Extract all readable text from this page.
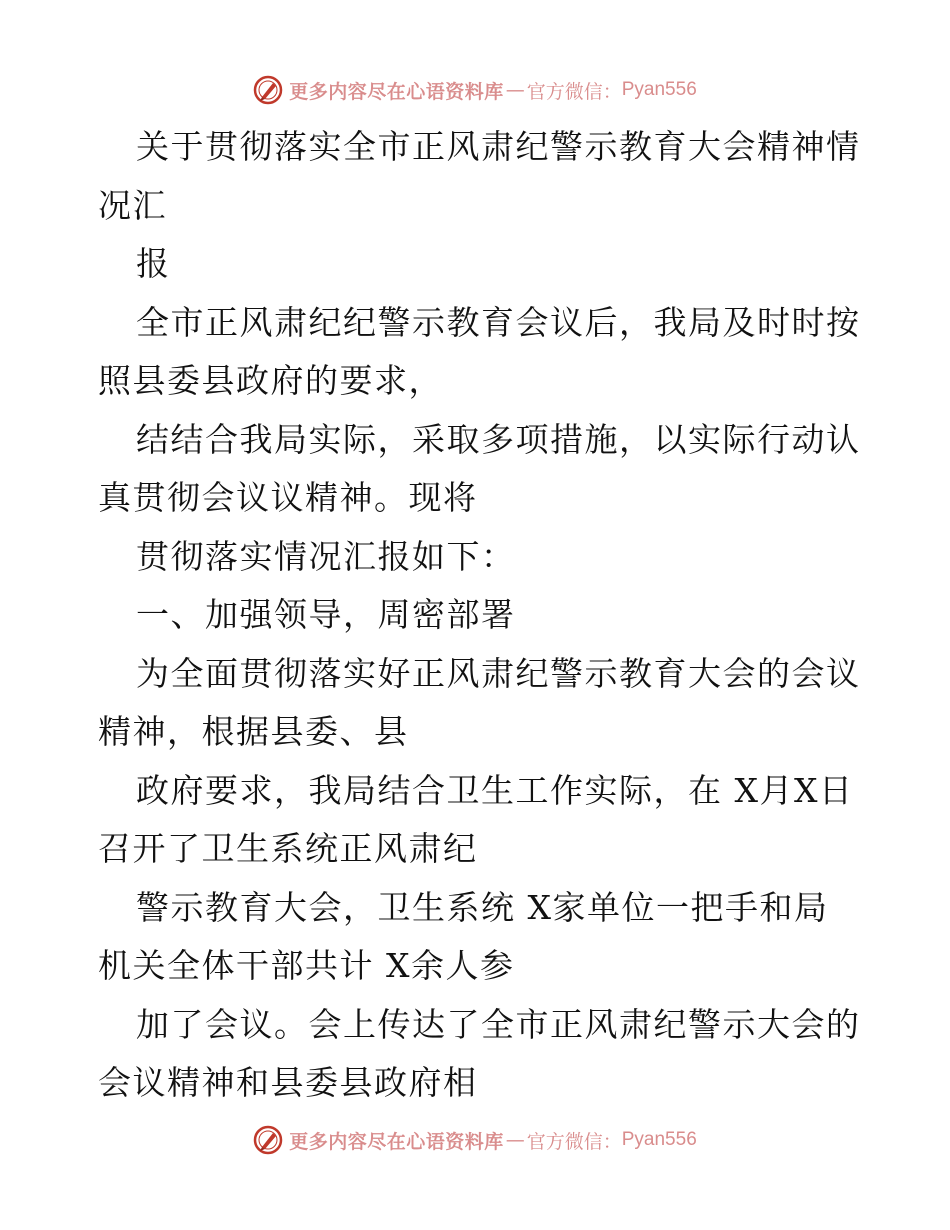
更多内容尽在心语资料库 — 官方微信： Pyan556
关于贯彻落实全市正风肃纪警示教育大会精神情
况汇
报
全市正风肃纪纪警示教育会议后，我局及时时按
照县委县政府的要求，
结结合我局实际，采取多项措施，以实际行动认
真贯彻会议议精神。现将
贯彻落实情况汇报如下：
一、加强领导，周密部署
为全面贯彻落实好正风肃纪警示教育大会的会议
精神，根据县委、县
政府要求，我局结合卫生工作实际，在 X月X日
召开了卫生系统正风肃纪
警示教育大会，卫生系统 X家单位一把手和局
机关全体干部共计 X余人参
加了会议。会上传达了全市正风肃纪警示大会的
会议精神和县委县政府相
更多内容尽在心语资料库 — 官方微信： Pyan556
